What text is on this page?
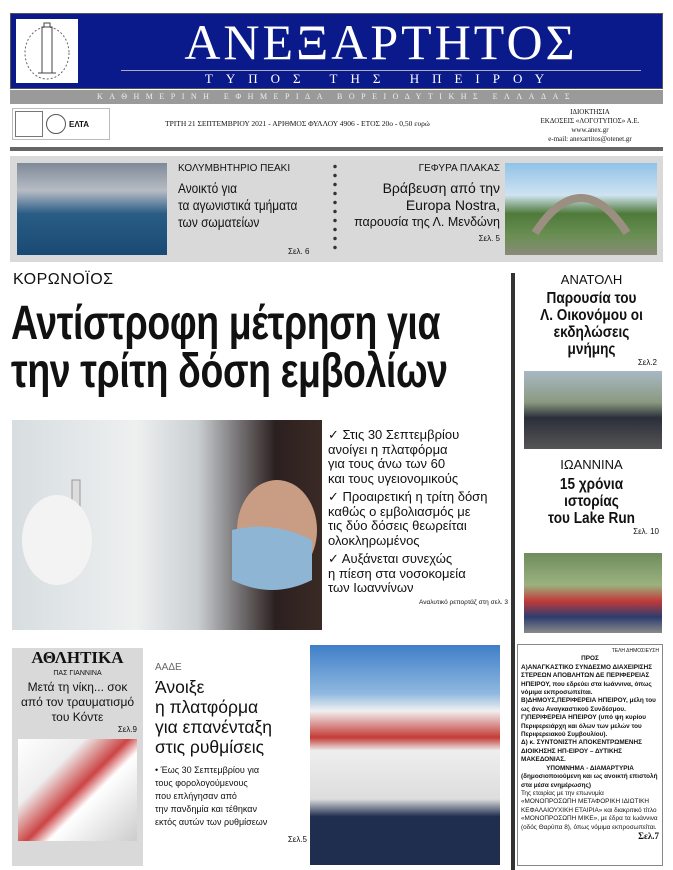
ΑΝΕΞΑΡΤΗΤΟΣ
ΤΥΠΟΣ ΤΗΣ ΗΠΕΙΡΟΥ
ΚΑΘΗΜΕΡΙΝΗ ΕΦΗΜΕΡΙΔΑ ΒΟΡΕΙΟΔΥΤΙΚΗΣ ΕΛΛΑΔΑΣ
ΕΛΤΑ	ΤΡΙΤΗ 21 ΣΕΠΤΕΜΒΡΙΟΥ 2021 - ΑΡΙΘΜΟΣ ΦΥΛΛΟΥ 4906 - ΕΤΟΣ 20ο - 0,50 ευρώ
ΙΔΙΟΚΤΗΣΙΑ
ΕΚΔΟΣΕΙΣ «ΛΟΓΟΤΥΠΟΣ» Α.Ε.
www.anex.gr
e-mail: anexartitos@otenet.gr
ΚΟΛΥΜΒΗΤΗΡΙΟ ΠΕΑΚΙ
Ανοικτό για
τα αγωνιστικά τμήματα
των σωματείων
Σελ. 6
ΓΕΦΥΡΑ ΠΛΑΚΑΣ
Βράβευση από την
Europa Nostra,
παρουσία της Λ. Μενδώνη
Σελ. 5
ΚΟΡΩΝΟΪΟΣ
Αντίστροφη μέτρηση για
την τρίτη δόση εμβολίων
✓ Στις 30 Σεπτεμβρίου
ανοίγει η πλατφόρμα
για τους άνω των 60
και τους υγειονομικούς
✓ Προαιρετική η τρίτη δόση
καθώς ο εμβολιασμός με
τις δύο δόσεις θεωρείται
ολοκληρωμένος
✓ Αυξάνεται συνεχώς
η πίεση στα νοσοκομεία
των Ιωαννίνων
Αναλυτικό ρεπορτάζ στη σελ. 3
ΑΝΑΤΟΛΗ
Παρουσία του
Λ. Οικονόμου οι
εκδηλώσεις μνήμης
Σελ.2
ΙΩΑΝΝΙΝΑ
15 χρόνια
ιστορίας
του Lake Run
Σελ. 10
ΑΘΛΗΤΙΚΑ
ΠΑΣ ΓΙΑΝΝΙΝΑ
Μετά τη νίκη... σοκ
από τον τραυματισμό
του Κόντε
Σελ.9
ΑΑΔΕ
Άνοιξε
η πλατφόρμα
για επανένταξη
στις ρυθμίσεις
• Έως 30 Σεπτεμβρίου για
τους φορολογούμενους
που επλήγησαν από
την πανδημία και τέθηκαν
εκτός αυτών των ρυθμίσεων
Σελ.5
ΤΕΛΗ ΔΗΜΟΣΙΕΥΣΗ
ΠΡΟΣ
Α)ΑΝΑΓΚΑΣΤΙΚΟ ΣΥΝΔΕΣΜΟ ΔΙΑΧΕΙΡΙΣΗΣ ΣΤΕΡΕΩΝ ΑΠΟΒΛΗΤΩΝ ΔΕ ΠΕΡΙΦΕΡΕΙΑΣ ΗΠΕΙΡΟΥ, που εδρεύει στα Ιωάννινα, όπως νόμιμα εκπροσωπείται.
Β)ΔΗΜΟΥΣ,ΠΕΡΙΦΕΡΕΙΑ ΗΠΕΙΡΟΥ, μέλη του ως άνω Αναγκαστικού Συνδέσμου.
Γ)ΠΕΡΙΦΕΡΕΙΑ ΗΠΕΙΡΟΥ (υπό ψη κυρίου Περιφερειάρχη και όλων των μελών του Περιφερειακού Συμβουλίου).
Δ) κ. ΣΥΝΤΟΝΙΣΤΗ ΑΠΟΚΕΝΤΡΩΜΕΝΗΣ ΔΙΟΙΚΗΣΗΣ ΗΠ-ΕΙΡΟΥ – ΔΥΤΙΚΗΣ ΜΑΚΕΔΟΝΙΑΣ.
ΥΠΟΜΝΗΜΑ - ΔΙΑΜΑΡΤΥΡΙΑ
(δημοσιοποιούμενη και ως ανοικτή επιστολή στα μέσα ενημέρωσης)
Της εταιρίας με την επωνυμία «ΜΟΝΟΠΡΟΣΩΠΗ ΜΕΤΑΦΟΡΙΚΗ ΙΔΙΩΤΙΚΗ ΚΕΦΑΛΑΙΟΥΧΙΚΗ ΕΤΑΙΡΙΑ» και διακριτικό τίτλο «ΜΟΝΟΠΡΟΣΩΠΗ ΜΙΚΕ», με έδρα τα Ιωάννινα (οδός Θαρύπα 8), όπως νόμιμα εκπροσωπείται.
Σελ.7
